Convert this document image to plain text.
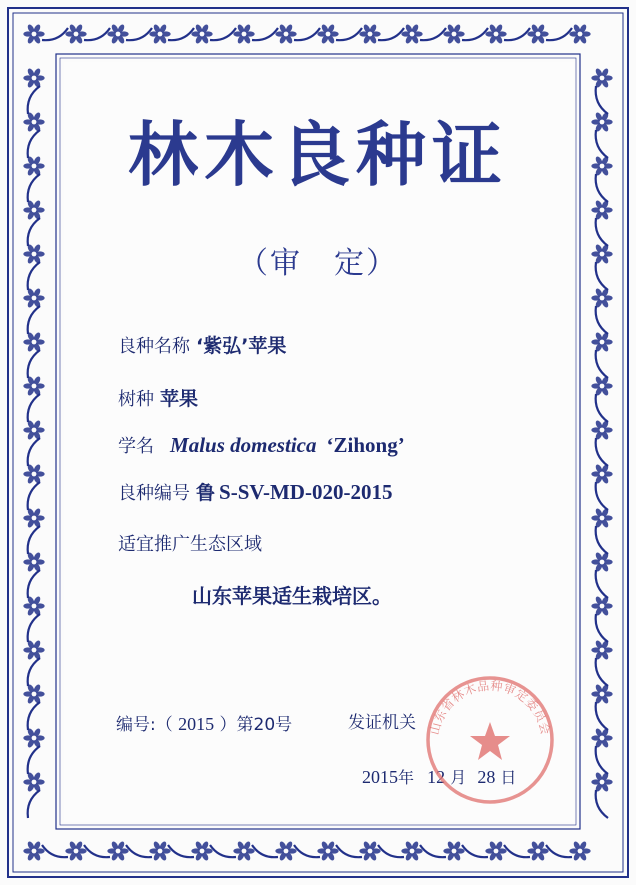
林木良种证
（审　定）
良种名称 ‘紫弘’苹果
树种 苹果
学名 Malus domestica ‘Zihong’
良种编号 鲁 S-SV-MD-020-2015
适宜推广生态区域
山东苹果适生栽培区。
编号:（ 2015 ）第20号	发证机关
2015年 12 月 28 日
山东省林木品种审定委员会
